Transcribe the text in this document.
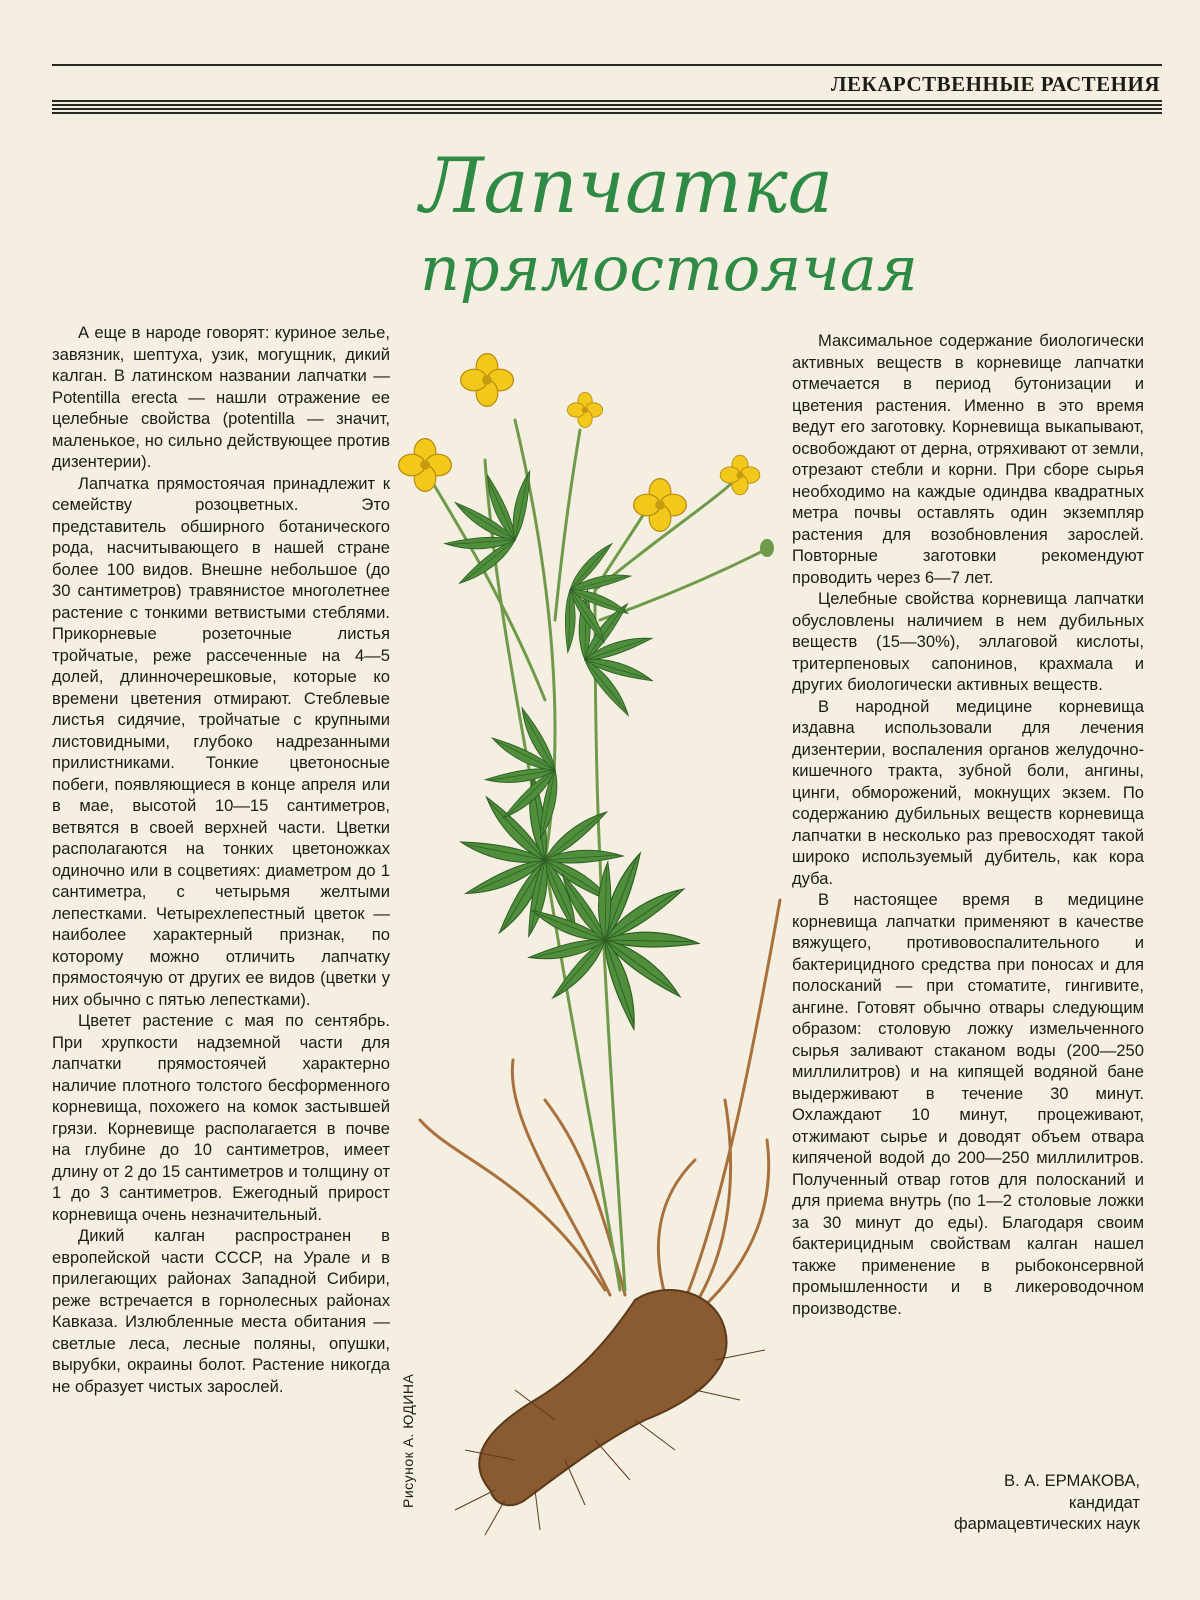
ЛЕКАРСТВЕННЫЕ РАСТЕНИЯ
Лапчатка
прямостоячая

А еще в народе говорят: куриное зелье, завязник, шептуха, узик, могущник, дикий калган. В латинском названии лапчатки — Potentilla erecta — нашли отражение ее целебные свойства (potentilla — значит, маленькое, но сильно действующее против дизентерии).

Лапчатка прямостоячая принадлежит к семейству розоцветных. Это представитель обширного ботанического рода, насчитывающего в нашей стране более 100 видов. Внешне небольшое (до 30 сантиметров) травянистое многолетнее растение с тонкими ветвистыми стеблями. Прикорневые розеточные листья тройчатые, реже рассеченные на 4—5 долей, длинночерешковые, которые ко времени цветения отмирают. Стеблевые листья сидячие, тройчатые с крупными листовидными, глубоко надрезанными прилистниками. Тонкие цветоносные побеги, появляющиеся в конце апреля или в мае, высотой 10—15 сантиметров, ветвятся в своей верхней части. Цветки располагаются на тонких цветоножках одиночно или в соцветиях: диаметром до 1 сантиметра, с четырьмя желтыми лепестками. Четырехлепестный цветок — наиболее характерный признак, по которому можно отличить лапчатку прямостоячую от других ее видов (цветки у них обычно с пятью лепестками).

Цветет растение с мая по сентябрь. При хрупкости надземной части для лапчатки прямостоячей характерно наличие плотного толстого бесформенного корневища, похожего на комок застывшей грязи. Корневище располагается в почве на глубине до 10 сантиметров, имеет длину от 2 до 15 сантиметров и толщину от 1 до 3 сантиметров. Ежегодный прирост корневища очень незначительный.

Дикий калган распространен в европейской части СССР, на Урале и в прилегающих районах Западной Сибири, реже встречается в горнолесных районах Кавказа. Излюбленные места обитания — светлые леса, лесные поляны, опушки, вырубки, окраины болот. Растение никогда не образует чистых зарослей.

Максимальное содержание биологически активных веществ в корневище лапчатки отмечается в период бутонизации и цветения растения. Именно в это время ведут его заготовку. Корневища выкапывают, освобождают от дерна, отряхивают от земли, отрезают стебли и корни. При сборе сырья необходимо на каждые одиндва квадратных метра почвы оставлять один экземпляр растения для возобновления зарослей. Повторные заготовки рекомендуют проводить через 6—7 лет.

Целебные свойства корневища лапчатки обусловлены наличием в нем дубильных веществ (15—30%), эллаговой кислоты, тритерпеновых сапонинов, крахмала и других биологически активных веществ.

В народной медицине корневища издавна использовали для лечения дизентерии, воспаления органов желудочно-кишечного тракта, зубной боли, ангины, цинги, обморожений, мокнущих экзем. По содержанию дубильных веществ корневища лапчатки в несколько раз превосходят такой широко используемый дубитель, как кора дуба.

В настоящее время в медицине корневища лапчатки применяют в качестве вяжущего, противовоспалительного и бактерицидного средства при поносах и для полосканий — при стоматите, гингивите, ангине. Готовят обычно отвары следующим образом: столовую ложку измельченного сырья заливают стаканом воды (200—250 миллилитров) и на кипящей водяной бане выдерживают в течение 30 минут. Охлаждают 10 минут, процеживают, отжимают сырье и доводят объем отвара кипяченой водой до 200—250 миллилитров. Полученный отвар готов для полосканий и для приема внутрь (по 1—2 столовые ложки за 30 минут до еды). Благодаря своим бактерицидным свойствам калган нашел также применение в рыбоконсервной промышленности и в ликероводочном производстве.

В. А. ЕРМАКОВА,
кандидат
фармацевтических наук
Рисунок А. ЮДИНА
